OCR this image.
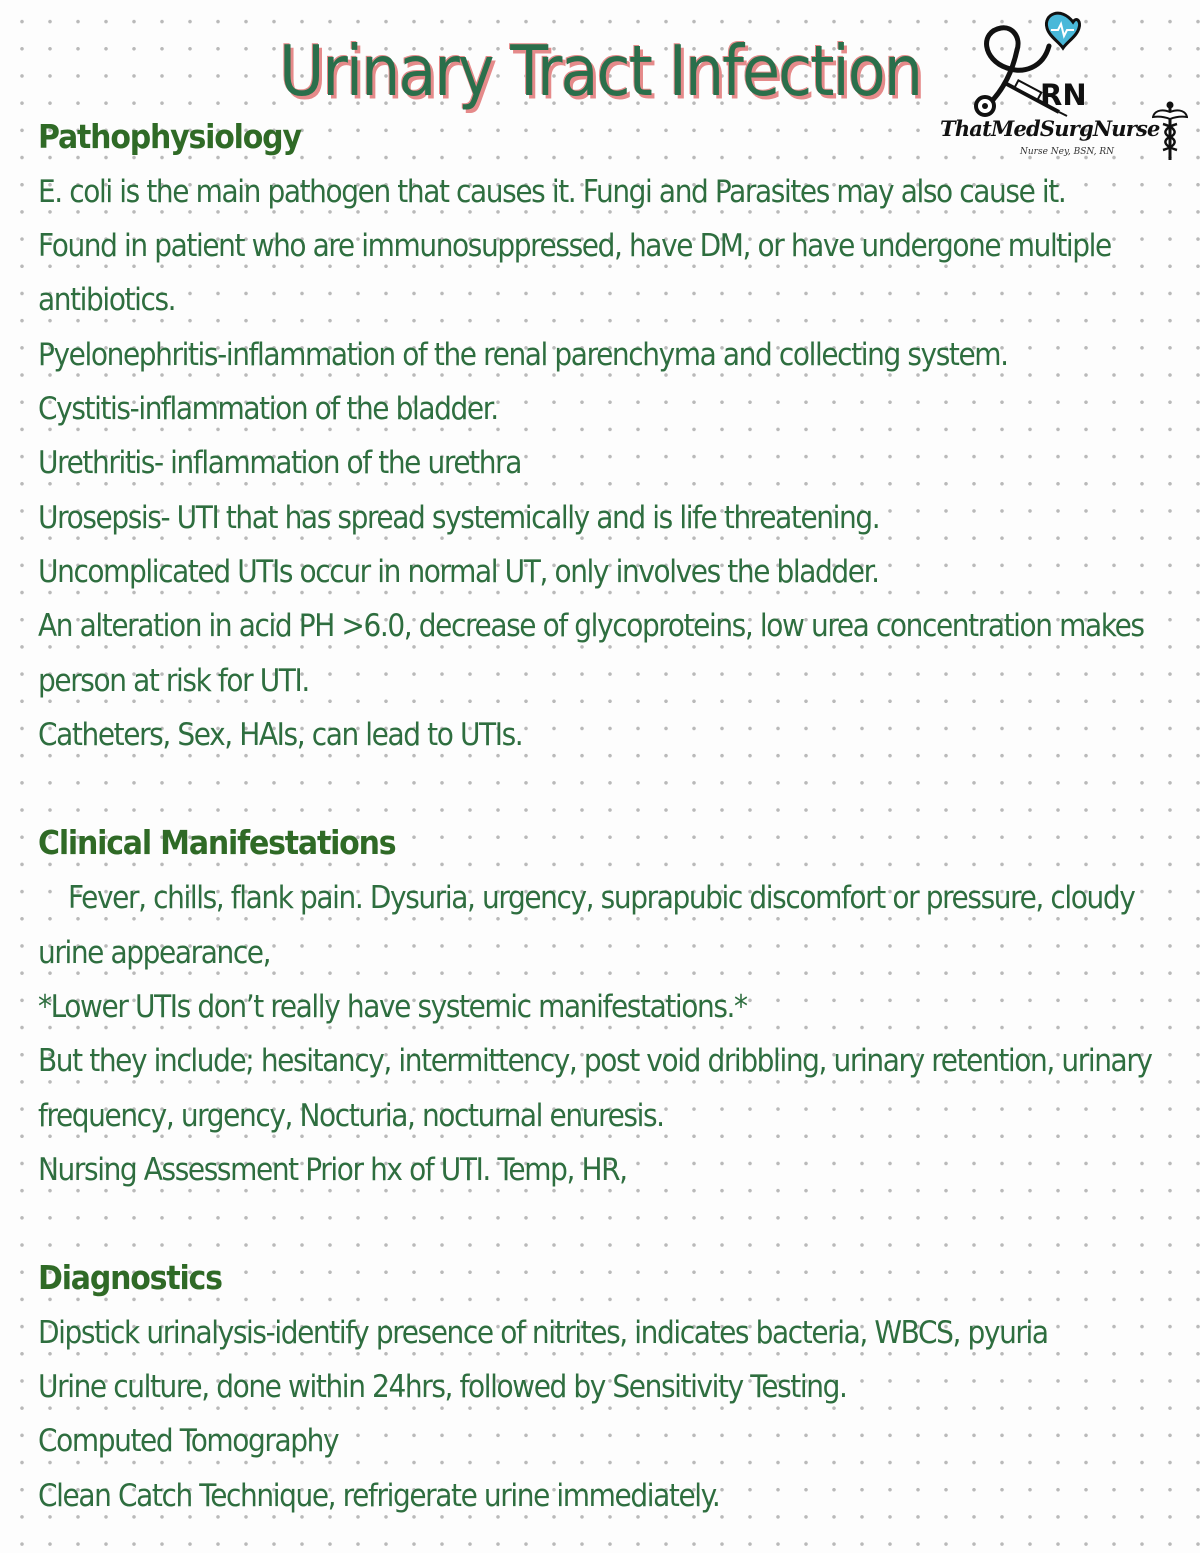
Urinary Tract Infection	RN
ThatMedSurgNurse
Nurse Ney, BSN, RN
Pathophysiology
E. coli is the main pathogen that causes it. Fungi and Parasites may also cause it.
Found in patient who are immunosuppressed, have DM, or have undergone multiple
antibiotics.
Pyelonephritis-inflammation of the renal parenchyma and collecting system.
Cystitis-inflammation of the bladder.
Urethritis- inflammation of the urethra
Urosepsis- UTI that has spread systemically and is life threatening.
Uncomplicated UTIs occur in normal UT, only involves the bladder.
An alteration in acid PH >6.0, decrease of glycoproteins, low urea concentration makes
person at risk for UTI.
Catheters, Sex, HAIs, can lead to UTIs.
Clinical Manifestations
Fever, chills, flank pain. Dysuria, urgency, suprapubic discomfort or pressure, cloudy
urine appearance,
*Lower UTIs don’t really have systemic manifestations.*
But they include; hesitancy, intermittency, post void dribbling, urinary retention, urinary
frequency, urgency, Nocturia, nocturnal enuresis.
Nursing Assessment Prior hx of UTI. Temp, HR,
Diagnostics
Dipstick urinalysis-identify presence of nitrites, indicates bacteria, WBCS, pyuria
Urine culture, done within 24hrs, followed by Sensitivity Testing.
Computed Tomography
Clean Catch Technique, refrigerate urine immediately.
